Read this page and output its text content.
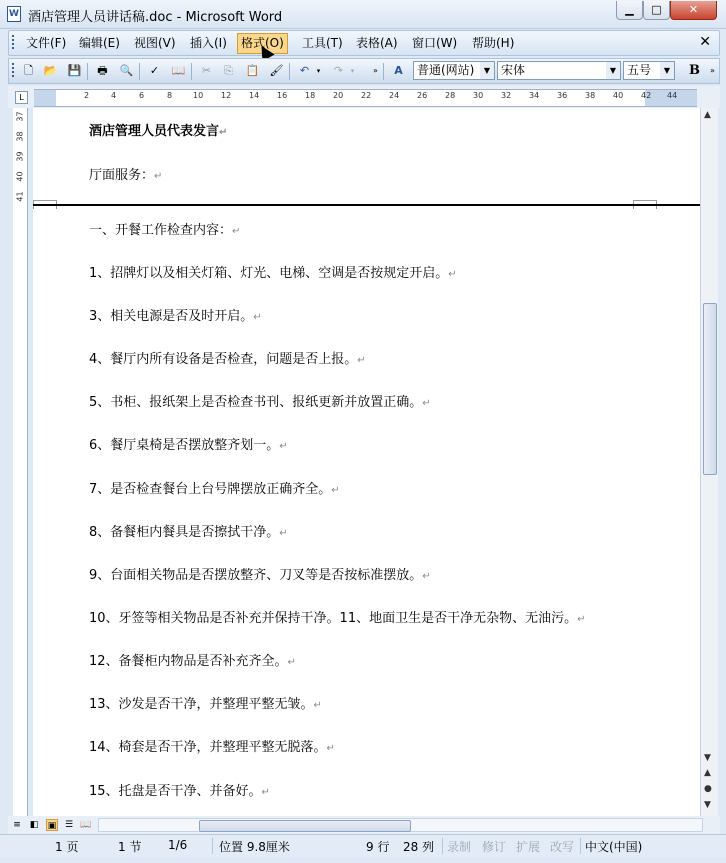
W 酒店管理人员讲话稿.doc - Microsoft Word
▁	□	✕
文件(F) 编辑(E) 视图(V) 插入(I)	格式(O)	工具(T) 表格(A) 窗口(W) 帮助(H)	✕
🗋 📂 💾 🖶 🔍 ✓ 📖 ✂ ⎘ 📋 🖌 ↶	▾	↷	▾	»	A	普通(网站)	▼ 宋体	▼ 五号	▼	B	»
L	2	4	6	8	10 12 14 16 18 20 22 24 26 28 30 32 34 36 38 40 42 44
37
38
39
40
41
酒店管理人员代表发言↵
厅面服务：↵
一、开餐工作检查内容：↵
1、招牌灯以及相关灯箱、灯光、电梯、空调是否按规定开启。↵
3、相关电源是否及时开启。↵
4、餐厅内所有设备是否检查，问题是否上报。↵
5、书柜、报纸架上是否检查书刊、报纸更新并放置正确。↵
6、餐厅桌椅是否摆放整齐划一。↵
7、是否检查餐台上台号牌摆放正确齐全。↵
8、备餐柜内餐具是否擦拭干净。↵
9、台面相关物品是否摆放整齐、刀叉等是否按标准摆放。↵
10、牙签等相关物品是否补充并保持干净。11、地面卫生是否干净无杂物、无油污。↵
12、备餐柜内物品是否补充齐全。↵
13、沙发是否干净，并整理平整无皱。↵
14、椅套是否干净，并整理平整无脱落。↵
15、托盘是否干净、并备好。↵
▲
▼
▲
●
▼
≡ ◧ ▣ ☰ 📖
1 页	1 节 1/6	位置 9.8厘米	9 行 28 列 录制 修订 扩展 改写 中文(中国)
